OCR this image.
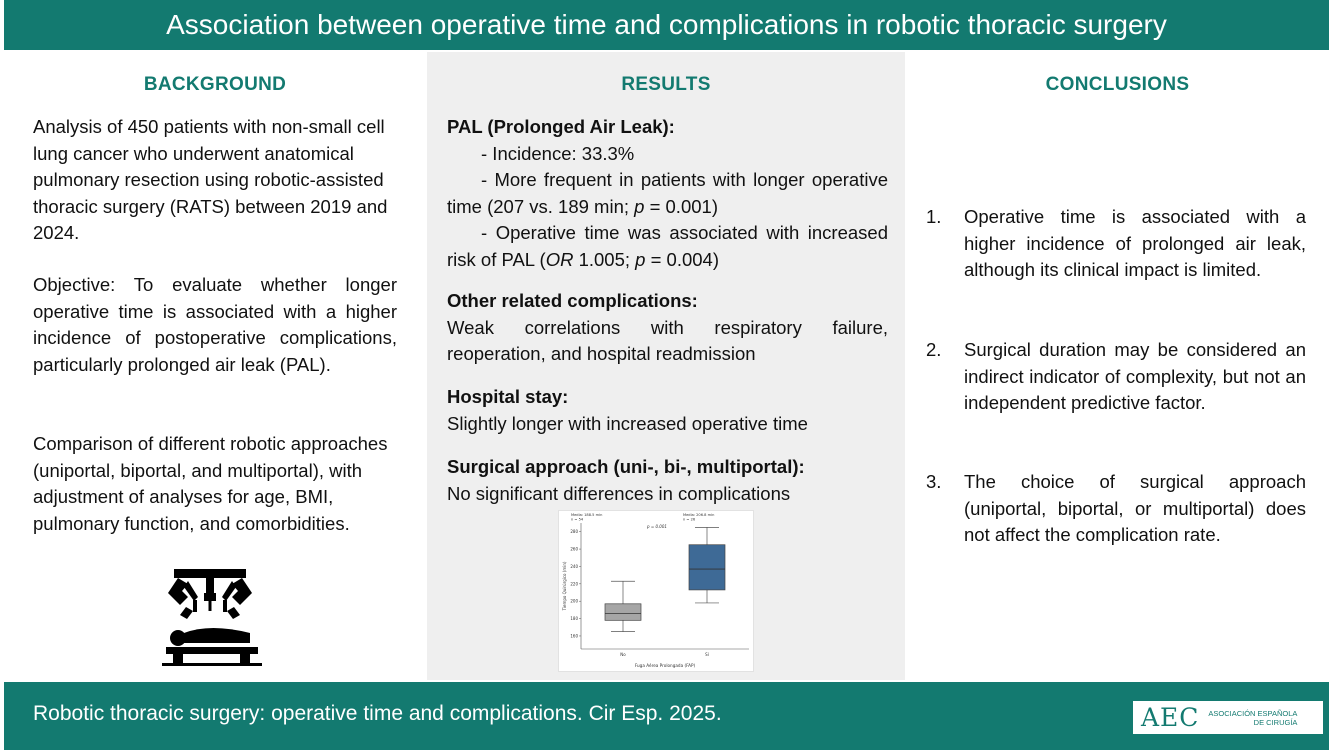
Association between operative time and complications in robotic thoracic surgery
BACKGROUND
Analysis of 450 patients with non-small cell lung cancer who underwent anatomical pulmonary resection using robotic-assisted thoracic surgery (RATS) between 2019 and 2024.
Objective: To evaluate whether longer operative time is associated with a higher incidence of postoperative complications, particularly prolonged air leak (PAL).
Comparison of different robotic approaches (uniportal, biportal, and multiportal), with adjustment of analyses for age, BMI, pulmonary function, and comorbidities.
RESULTS
PAL (Prolonged Air Leak):
- Incidence: 33.3%
- More frequent in patients with longer operative time (207 vs. 189 min; p = 0.001)
- Operative time was associated with increased risk of PAL (OR 1.005; p = 0.004)
Other related complications:
Weak correlations with respiratory failure, reoperation, and hospital readmission
Hospital stay:
Slightly longer with increased operative time
Surgical approach (uni-, bi-, multiportal):
No significant differences in complications
160
180
200
220
240
260
280
No	Sí
Media: 188.5 min
n = 54
Media: 206.8 min
n = 26
p = 0.001
Fuga Aérea Prolongada (FAP)
Tiempo Quirúrgico (min)
CONCLUSIONS
1.	Operative time is associated with a higher incidence of prolonged air leak, although its clinical impact is limited.
2.	Surgical duration may be considered an indirect indicator of complexity, but not an independent predictive factor.
3.	The choice of surgical approach (uniportal, biportal, or multiportal) does not affect the complication rate.
Robotic thoracic surgery: operative time and complications. Cir Esp. 2025.	AEC	ASOCIACIÓN ESPAÑOLA
DE CIRUGÍA
